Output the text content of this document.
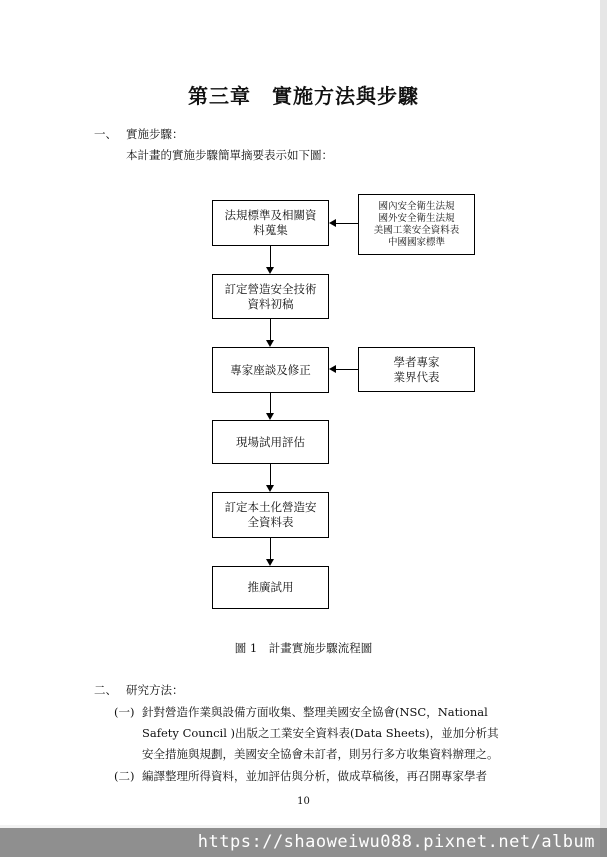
第三章　實施方法與步驟
一、 實施步驟：
本計畫的實施步驟簡單摘要表示如下圖：
法規標準及相關資
料蒐集
訂定營造安全技術
資料初稿
專家座談及修正
現場試用評估
訂定本土化營造安
全資料表
推廣試用
國內安全衛生法規
國外安全衛生法規
美國工業安全資料表
中國國家標準
學者專家
業界代表
圖 1　計畫實施步驟流程圖
二、 研究方法：
(一) 針對營造作業與設備方面收集、整理美國安全協會(NSC，National
Safety Council )出版之工業安全資料表(Data Sheets)，並加分析其
安全措施與規劃，美國安全協會未訂者，則另行多方收集資料辦理之。
(二) 編譯整理所得資料，並加評估與分析，做成草稿後，再召開專家學者
10
https://shaoweiwu088.pixnet.net/album
